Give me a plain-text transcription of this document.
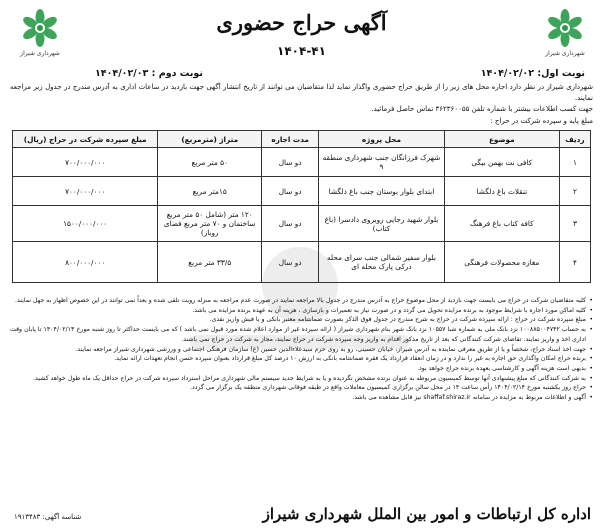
شهرداری شیراز
شهرداری شیراز
آگهی حراج حضوری
۱۴۰۴-۴۱
نوبت اول: ۱۴۰۴/۰۲/۰۲
نوبت دوم : ۱۴۰۴/۰۲/۰۳

شهرداری شیراز در نظر دارد اجاره محل های زیر را از طریق حراج حضوری واگذار نماید لذا متقاضیان می توانند از تاریخ انتشار آگهی جهت بازدید در ساعات اداری به آدرس مندرج در جدول زیر مراجعه نمایند.

جهت کسب اطلاعات بیشتر با شماره تلفن ۳۶۲۳۶۰۰۵۵ تماس حاصل فرمائید.

مبلغ پایه و سپرده شرکت در حراج :

ردیف	موضوع	محل پروژه	مدت اجاره	متراژ (مترمربع)	مبلغ سپرده شرکت در حراج (ریال)
۱	کافی نت بهمن بیگی	شهرک فرزانگان جنب شهرداری منطقه ۹	دو سال	۵۰ متر مربع	۷۰۰/۰۰۰/۰۰۰
۲	تنقلات باغ دلگشا	ابتدای بلوار بوستان جنب باغ دلگشا	دو سال	۱۵متر مربع	۷۰۰/۰۰۰/۰۰۰
۳	کافه کتاب باغ فرهنگ	بلوار شهید رجایی روبروی دادسرا (باغ کتاب)	دو سال	۱۲۰ متر (شامل ۵۰ متر مربع ساختمان و ۷۰ متر مربع فضای روباز)	۱۵۰۰/۰۰۰/۰۰۰
۴	مغازه محصولات فرهنگی	بلوار سفیر شمالی جنب سرای محله درکی پارک محله ای	دو سال	۳۳/۵ متر مربع	۸۰۰/۰۰۰/۰۰۰
• کلیه متقاضیان شرکت در حراج می بایست جهت بازدید از محل موضوع حراج به آدرس مندرج در جدول بالا مراجعه نمایند در صورت عدم مراجعه به منزله رویت تلقی شده و بعداً نمی توانند در این خصوص اظهار به جهل نمایند.
• کلیه اماکن مورد اجاره با شرایط موجود به برنده مزایده تحویل می گردد و در صورت نیاز به تعمیرات و بازسازی ، هزینه آن به عهده برنده مزایده می باشد.
• مبلغ سپرده شرکت در حراج : ارائه سپرده شرکت در حراج به شرح مندرج در جدول فوق الذکر بصورت ضمانتنامه معتبر بانکی و یا فیش واریز نقدی.
• به حساب ۱۰۰۸۸۵۰۰۴۷۴۲ نزد بانک ملی به شماره شبا ۱۰۵۵۷ نزد بانک شهر بنام شهرداری شیراز ( ارائه سپرده غیر از موارد اعلام شده مورد قبول نمی باشد ) که می بایست حداکثر تا روز شنبه مورخ ۱۴۰۴/۰۲/۱۳ تا پایان وقت اداری اخذ و واریز نمایند. تقاضای شرکت کنندگانی که بعد از تاریخ مذکور اقدام به واریز وجه سپرده شرکت در حراج نمایند، مجاز به شرکت در حراج نمی باشند.
• جهت اخذ اسناد حراج، شخصاً و یا از طریق معرفی نماینده به آدرس شیراز، خیابان حسینی، رو به روی حرم سیدعلاءالدین حسین (ع) سازمان فرهنگی اجتماعی و ورزشی شهرداری شیراز مراجعه نمایند.
• برنده حراج امکان واگذاری حق اجاره به غیر را ندارد و در زمان انعقاد قرارداد یک فقره ضمانتنامه بانکی به ارزش ۱۰ درصد کل مبلغ قرارداد بعنوان سپرده حسن انجام تعهدات ارائه نماید.
• بدیهی است هزینه آگهی و کارشناسی بعهده برنده حراج خواهد بود.
• به شرکت کنندگانی که مبلغ پیشنهادی آنها توسط کمیسیون مربوطه به عنوان برنده مشخص نگردیده و یا به شرایط جدید سیستم مالی شهرداری مراحل استرداد سپرده شرکت در حراج حداقل یک ماه طول خواهد کشید.
• حراج روز یکشنبه مورخ ۱۴۰۴/۰۲/۱۴ رأس ساعت ۱۴ در محل سالن برگزاری کمیسیون معاملات واقع در طبقه فوقانی شهرداری منطقه یک برگزار می گردد.
• آگهی و اطلاعات مربوط به مزایده در سامانه shaffaf.shiraz.ir نیز قابل مشاهده می باشد.
اداره کل ارتباطات و امور بین الملل شهرداری شیراز
شناسه آگهی: ۱۹۱۳۴۸۳
